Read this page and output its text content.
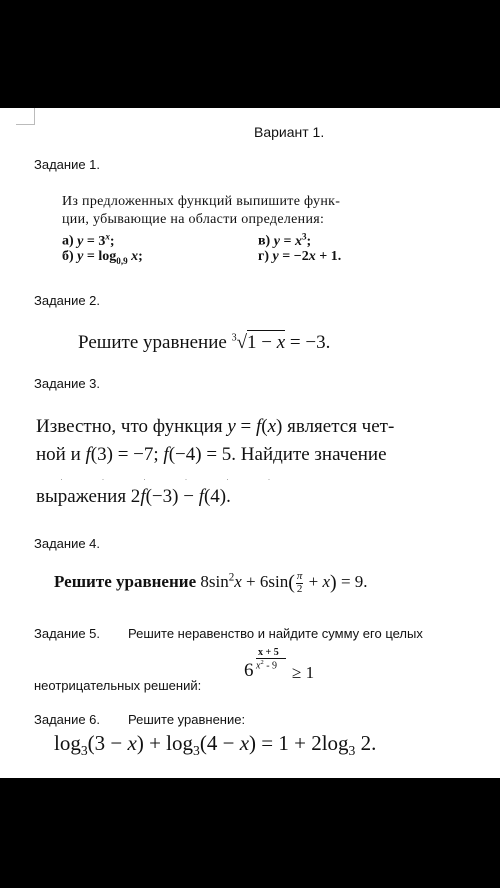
Вариант 1.
Задание 1.
Из предложенных функций выпишите функ-
ции, убывающие на области определения:
а) $y = 3^x$;
б) $y = \log_{0,9} x$;
в) $y = x^3$;
г) y = −2x + 1.
Задание 2.
Решите уравнение $^3$√1 − x = −3.
Задание 3.
Известно, что функция y = f(x) является чет-
ной и f(3) = −7; f(−4) = 5. Найдите значение
· · · · · ·
выражения 2f(−3) − f(4).
Задание 4.
Решите уравнение $8\sin^2x + 6\sin( \frac{\pi}{2} + x) = 9$.
Задание 5. Решите неравенство и найдите сумму его целых
неотрицательных решений:
x + 5
$x^2 - 9$
6 ≥ 1
Задание 6. Решите уравнение:
$\log_3(3 - x) + \log_3(4 - x) = 1 + 2\log_3$ 2.
